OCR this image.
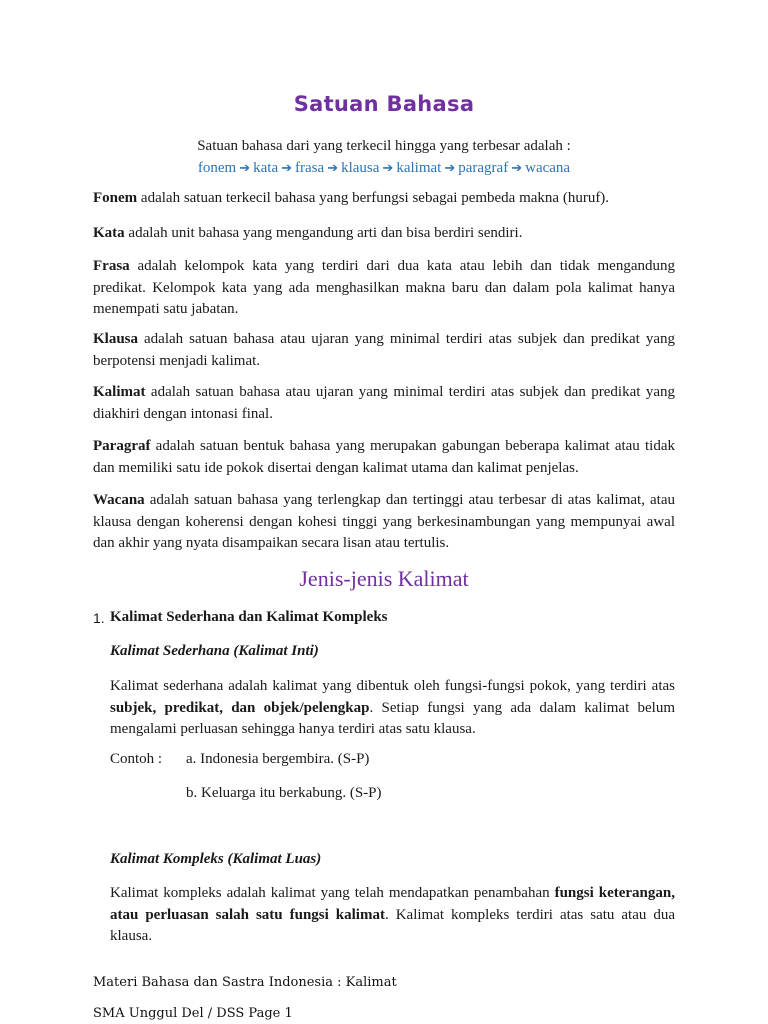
Satuan Bahasa
Satuan bahasa dari yang terkecil hingga yang terbesar adalah :
fonem ➔ kata ➔ frasa ➔ klausa ➔ kalimat ➔ paragraf ➔ wacana

Fonem adalah satuan terkecil bahasa yang berfungsi sebagai pembeda makna (huruf).

Kata adalah unit bahasa yang mengandung arti dan bisa berdiri sendiri.

Frasa adalah kelompok kata yang terdiri dari dua kata atau lebih dan tidak mengandung predikat. Kelompok kata yang ada menghasilkan makna baru dan dalam pola kalimat hanya menempati satu jabatan.

Klausa adalah satuan bahasa atau ujaran yang minimal terdiri atas subjek dan predikat yang berpotensi menjadi kalimat.

Kalimat adalah satuan bahasa atau ujaran yang minimal terdiri atas subjek dan predikat yang diakhiri dengan intonasi final.

Paragraf adalah satuan bentuk bahasa yang merupakan gabungan beberapa kalimat atau tidak dan memiliki satu ide pokok disertai dengan kalimat utama dan kalimat penjelas.

Wacana adalah satuan bahasa yang terlengkap dan tertinggi atau terbesar di atas kalimat, atau klausa dengan koherensi dengan kohesi tinggi yang berkesinambungan yang mempunyai awal dan akhir yang nyata disampaikan secara lisan atau tertulis.

Jenis-jenis Kalimat
1. Kalimat Sederhana dan Kalimat Kompleks
Kalimat Sederhana (Kalimat Inti)

Kalimat sederhana adalah kalimat yang dibentuk oleh fungsi-fungsi pokok, yang terdiri atas subjek, predikat, dan objek/pelengkap. Setiap fungsi yang ada dalam kalimat belum mengalami perluasan sehingga hanya terdiri atas satu klausa.

Contoh : a. Indonesia bergembira. (S-P)
b. Keluarga itu berkabung. (S-P)
Kalimat Kompleks (Kalimat Luas)

Kalimat kompleks adalah kalimat yang telah mendapatkan penambahan fungsi keterangan, atau perluasan salah satu fungsi kalimat. Kalimat kompleks terdiri atas satu atau dua klausa.

Materi Bahasa dan Sastra Indonesia : Kalimat
SMA Unggul Del / DSS Page 1
